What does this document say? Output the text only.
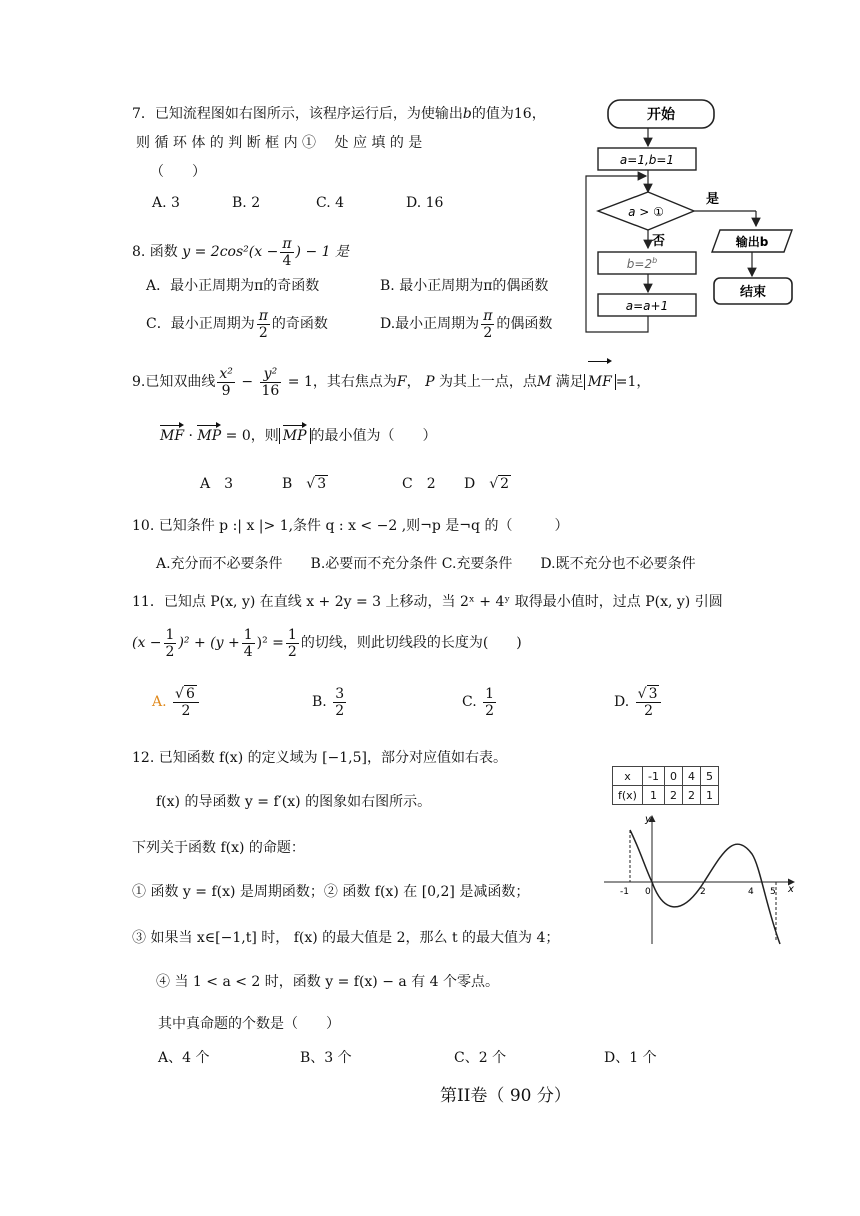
7．已知流程图如右图所示，该程序运行后，为使输出b的值为16，
则 循 环 体 的 判 断 框 内 ①　 处 应 填 的 是
（　　）
A. 3	B. 2	C. 4	D. 16
开始
a=1,b=1
a > ①
是
输出b
结束
否
$b=2^b$
a=a+1
8. 函数 $y = 2\cos^2(x - \frac{\pi}{4}$ ) − 1 是
A．最小正周期为π的奇函数	B. 最小正周期为π的偶函数
C．最小正周期为 $\frac{\pi}{2}$ 的奇函数	D.最小正周期为 $\frac{\pi}{2}$ 的偶函数
9.已知双曲线 $\frac{\text{x²}}{9} - \frac{\text{y²}}{16} = 1$，其右焦点为F， P 为其上一点，点M 满足 MF =1，
MF · MP = 0，则 MP 的最小值为（　　）
A　3	B　√ 3	C　2 D　√ 2
10. 已知条件 p :| x |> 1,条件 q : x < −2 ,则¬p 是¬q 的（　　　）
A.充分而不必要条件　　B.必要而不充分条件 C.充要条件　　D.既不充分也不必要条件
11．已知点 P(x, y) 在直线 x + 2y = 3 上移动，当 2ˣ + 4ʸ 取得最小值时，过点 P(x, y) 引圆
$(x - \frac{1}{2} )^2 + (y + \frac{1}{4} )^2 = \frac{1}{2}$ 的切线，则此切线段的长度为(　　)
A. $\frac{√ 6}{2}$	B. $\frac{3}{2}$	C. $\frac{1}{2}$	D. $\frac{√ 3}{2}$
12. 已知函数 f(x) 的定义域为 [−1,5]，部分对应值如右表。
f(x) 的导函数 y = f′(x) 的图象如右图所示。
下列关于函数 f(x) 的命题：
① 函数 y = f(x) 是周期函数；② 函数 f(x) 在 [0,2] 是减函数；
③ 如果当 x∈[−1,t] 时， f(x) 的最大值是 2，那么 t 的最大值为 4；
④ 当 1 < a < 2 时，函数 y = f(x) − a 有 4 个零点。
其中真命题的个数是（　　）
A、4 个	B、3 个	C、2 个	D、1 个
x	-1	0	4	5
f(x)	1	2	2	1
y
x
-1 0	2	4 5
第II卷（ 90 分）
